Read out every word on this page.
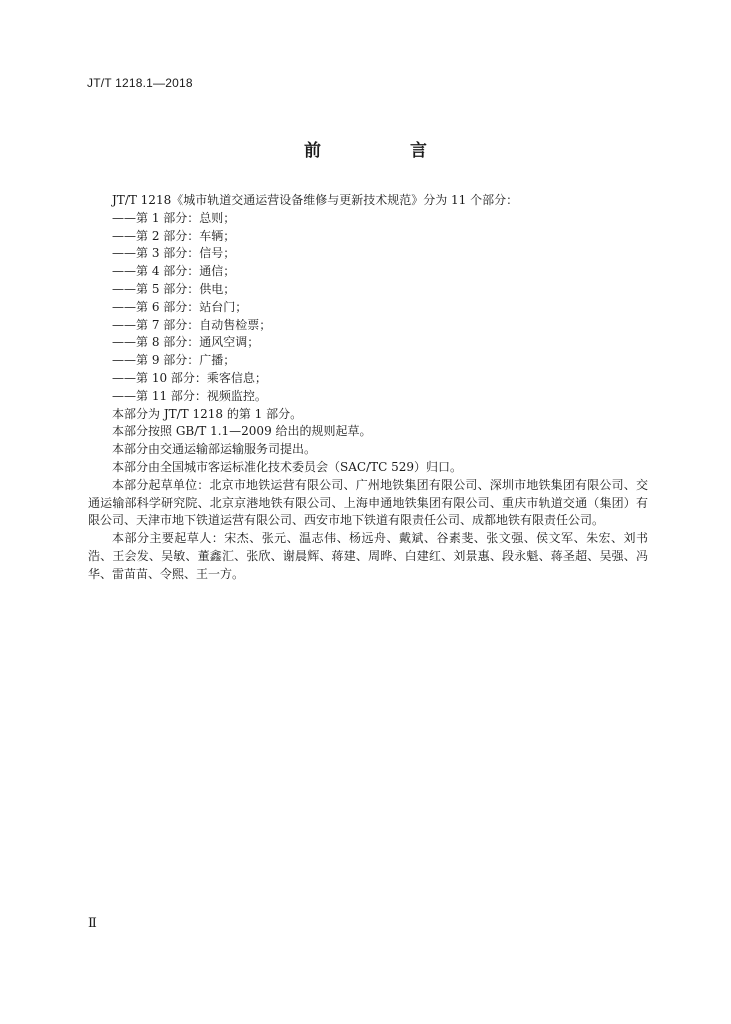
JT/T 1218.1—2018
前　言
JT/T 1218《城市轨道交通运营设备维修与更新技术规范》分为 11 个部分：
——第 1 部分：总则；
——第 2 部分：车辆；
——第 3 部分：信号；
——第 4 部分：通信；
——第 5 部分：供电；
——第 6 部分：站台门；
——第 7 部分：自动售检票；
——第 8 部分：通风空调；
——第 9 部分：广播；
——第 10 部分：乘客信息；
——第 11 部分：视频监控。
本部分为 JT/T 1218 的第 1 部分。
本部分按照 GB/T 1.1—2009 给出的规则起草。
本部分由交通运输部运输服务司提出。
本部分由全国城市客运标准化技术委员会（SAC/TC 529）归口。
本部分起草单位：北京市地铁运营有限公司、广州地铁集团有限公司、深圳市地铁集团有限公司、交通运输部科学研究院、北京京港地铁有限公司、上海申通地铁集团有限公司、重庆市轨道交通（集团）有限公司、天津市地下铁道运营有限公司、西安市地下铁道有限责任公司、成都地铁有限责任公司。
本部分主要起草人：宋杰、张元、温志伟、杨远舟、戴斌、谷素斐、张文强、侯文军、朱宏、刘书浩、王会发、吴敏、董鑫汇、张欣、谢晨辉、蒋建、周晔、白建红、刘景惠、段永魁、蒋圣超、吴强、冯华、雷苗苗、令熙、王一方。
Ⅱ
